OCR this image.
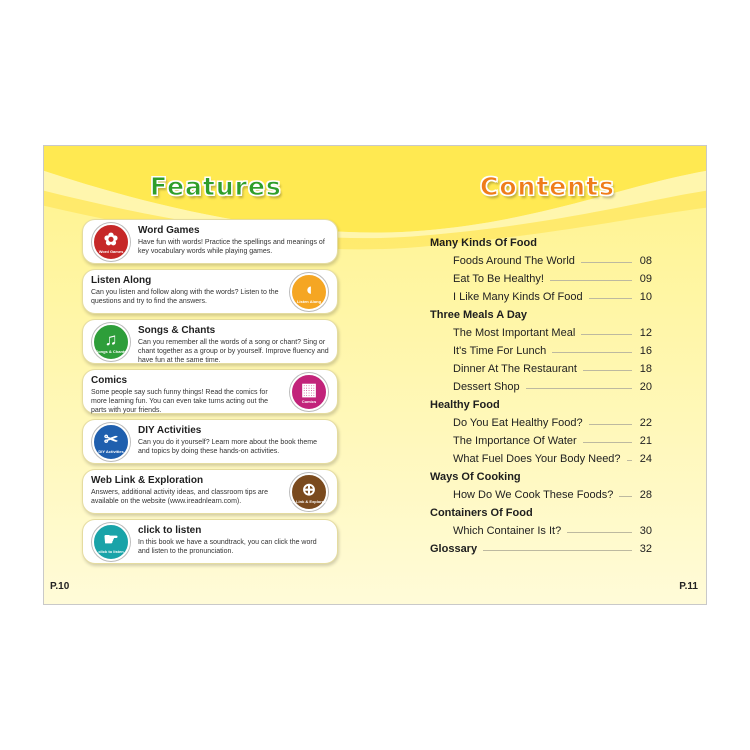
Features	Contents
✿
Word Games
Word Games
Have fun with words! Practice the spellings and meanings of key vocabulary words while playing games.
◖
Listen Along
Listen Along
Can you listen and follow along with the words? Listen to the questions and try to find the answers.
♫
Songs & Chants
Songs & Chants
Can you remember all the words of a song or chant? Sing or chant together as a group or by yourself. Improve fluency and have fun at the same time.
▦
Comics
Comics
Some people say such funny things! Read the comics for more learning fun. You can even take turns acting out the parts with your friends.
✂
DIY Activities
DIY Activities
Can you do it yourself? Learn more about the book theme and topics by doing these hands-on activities.
⊕
Web Link & Exploration
Web Link & Exploration
Answers, additional activity ideas, and classroom tips are available on the website (www.ireadnlearn.com).
☛
click to listen
click to listen
In this book we have a soundtrack, you can click the word and listen to the pronunciation.
Many Kinds Of Food
Foods Around The World	08
Eat To Be Healthy!	09
I Like Many Kinds Of Food	10
Three Meals A Day
The Most Important Meal	12
It's Time For Lunch	16
Dinner At The Restaurant	18
Dessert Shop	20
Healthy Food
Do You Eat Healthy Food?	22
The Importance Of Water	21
What Fuel Does Your Body Need? 24
Ways Of Cooking
How Do We Cook These Foods? 28
Containers Of Food
Which Container Is It?	30
Glossary	32
P.10	P.11
